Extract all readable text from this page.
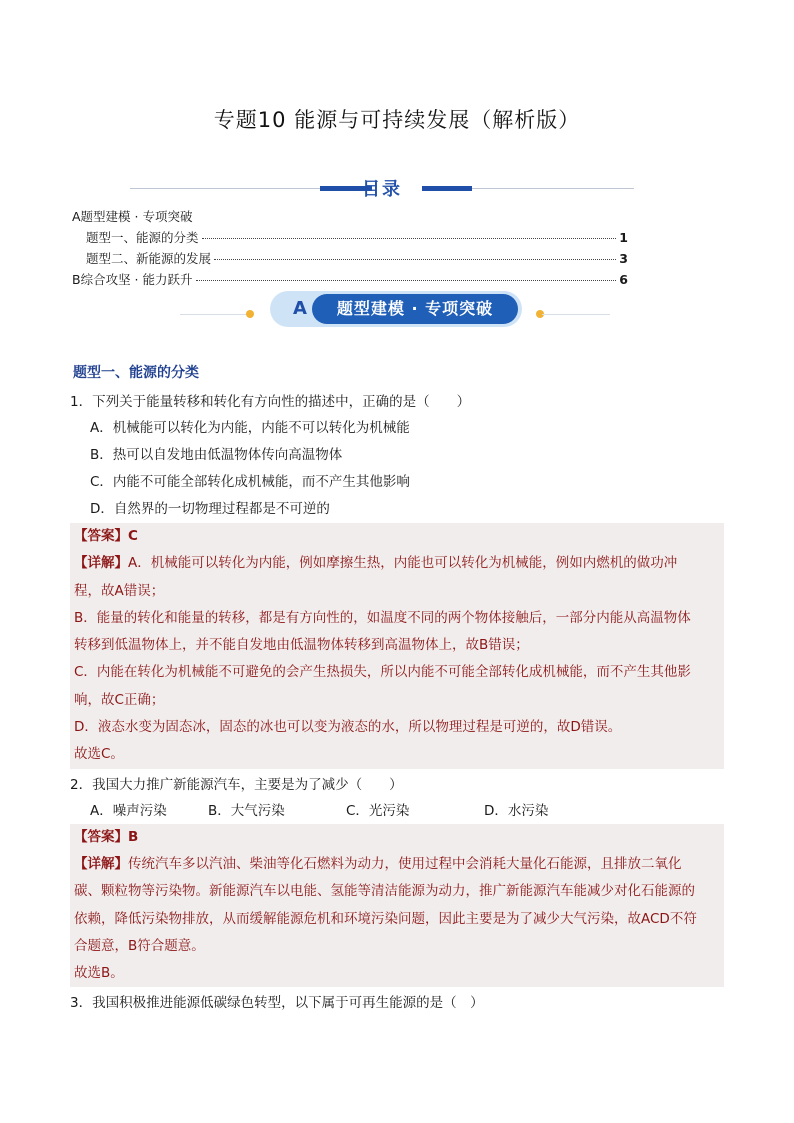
专题10 能源与可持续发展（解析版）
目录
A题型建模 · 专项突破
题型一、能源的分类	1
题型二、新能源的发展	3
B综合攻坚 · 能力跃升	6
A	题型建模 · 专项突破
题型一、能源的分类
1．下列关于能量转移和转化有方向性的描述中，正确的是（　　）
A．机械能可以转化为内能，内能不可以转化为机械能
B．热可以自发地由低温物体传向高温物体
C．内能不可能全部转化成机械能，而不产生其他影响
D．自然界的一切物理过程都是不可逆的
【答案】C
【详解】A．机械能可以转化为内能，例如摩擦生热，内能也可以转化为机械能，例如内燃机的做功冲
程，故A错误；
B．能量的转化和能量的转移，都是有方向性的，如温度不同的两个物体接触后，一部分内能从高温物体
转移到低温物体上，并不能自发地由低温物体转移到高温物体上，故B错误；
C．内能在转化为机械能不可避免的会产生热损失，所以内能不可能全部转化成机械能，而不产生其他影
响，故C正确；
D．液态水变为固态冰，固态的冰也可以变为液态的水，所以物理过程是可逆的，故D错误。
故选C。
2．我国大力推广新能源汽车，主要是为了减少（　　）
A．噪声污染	B．大气污染	C．光污染	D．水污染
【答案】B
【详解】传统汽车多以汽油、柴油等化石燃料为动力，使用过程中会消耗大量化石能源，且排放二氧化
碳、颗粒物等污染物。新能源汽车以电能、氢能等清洁能源为动力，推广新能源汽车能减少对化石能源的
依赖，降低污染物排放，从而缓解能源危机和环境污染问题，因此主要是为了减少大气污染，故ACD不符
合题意，B符合题意。
故选B。
3．我国积极推进能源低碳绿色转型，以下属于可再生能源的是（　）
